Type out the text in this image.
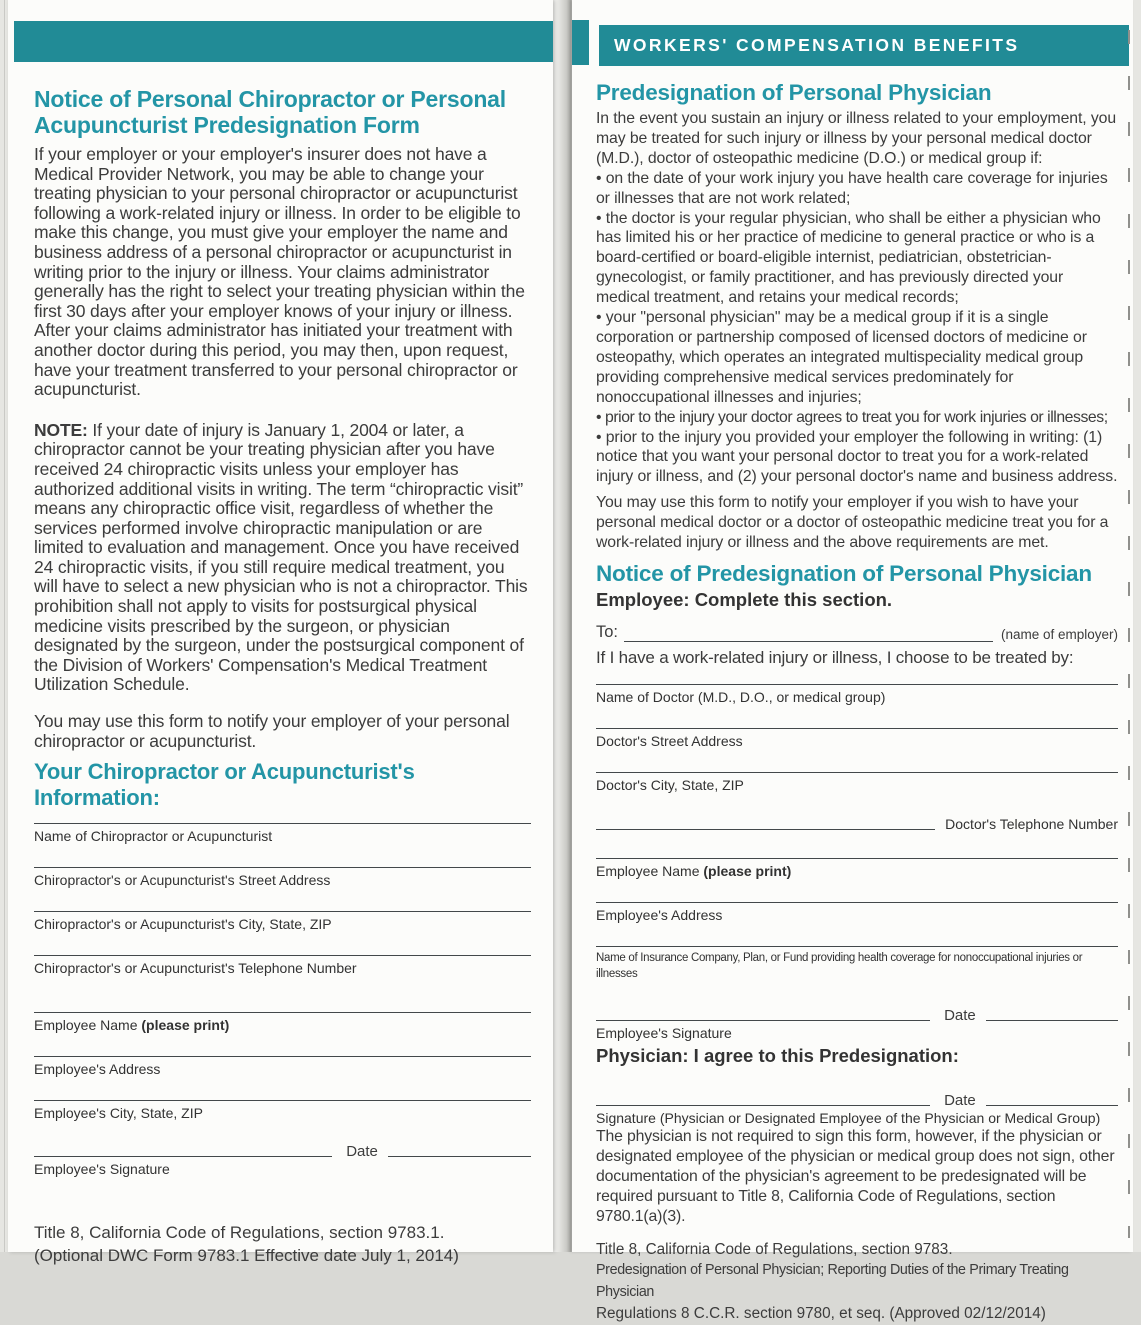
Notice of Personal Chiropractor or Personal Acupuncturist Predesignation Form

If your employer or your employer's insurer does not have a Medical Provider Network, you may be able to change your treating physician to your personal chiropractor or acupuncturist following a work-related injury or illness. In order to be eligible to make this change, you must give your employer the name and business address of a personal chiropractor or acupuncturist in writing prior to the injury or illness. Your claims administrator generally has the right to select your treating physician within the first 30 days after your employer knows of your injury or illness. After your claims administrator has initiated your treatment with another doctor during this period, you may then, upon request, have your treatment transferred to your personal chiropractor or acupuncturist.

NOTE: If your date of injury is January 1, 2004 or later, a chiropractor cannot be your treating physician after you have received 24 chiropractic visits unless your employer has authorized additional visits in writing. The term “chiropractic visit” means any chiropractic office visit, regardless of whether the services performed involve chiropractic manipulation or are limited to evaluation and management. Once you have received 24 chiropractic visits, if you still require medical treatment, you will have to select a new physician who is not a chiropractor. This prohibition shall not apply to visits for postsurgical physical medicine visits prescribed by the surgeon, or physician designated by the surgeon, under the postsurgical component of the Division of Workers' Compensation's Medical Treatment Utilization Schedule.

You may use this form to notify your employer of your personal chiropractor or acupuncturist.

Your Chiropractor or Acupuncturist's Information:
Name of Chiropractor or Acupuncturist
Chiropractor's or Acupuncturist's Street Address
Chiropractor's or Acupuncturist's City, State, ZIP
Chiropractor's or Acupuncturist's Telephone Number
Employee Name (please print)
Employee's Address
Employee's City, State, ZIP
Date
Employee's Signature
Title 8, California Code of Regulations, section 9783.1.
(Optional DWC Form 9783.1 Effective date July 1, 2014)
WORKERS' COMPENSATION BENEFITS
Predesignation of Personal Physician

In the event you sustain an injury or illness related to your employment, you may be treated for such injury or illness by your personal medical doctor (M.D.), doctor of osteopathic medicine (D.O.) or medical group if:

• on the date of your work injury you have health care coverage for injuries or illnesses that are not work related;

• the doctor is your regular physician, who shall be either a physician who has limited his or her practice of medicine to general practice or who is a board-certified or board-eligible internist, pediatrician, obstetrician-gynecologist, or family practitioner, and has previously directed your medical treatment, and retains your medical records;

• your "personal physician" may be a medical group if it is a single corporation or partnership composed of licensed doctors of medicine or osteopathy, which operates an integrated multispeciality medical group providing comprehensive medical services predominately for nonoccupational illnesses and injuries;

• prior to the injury your doctor agrees to treat you for work injuries or illnesses;

• prior to the injury you provided your employer the following in writing: (1) notice that you want your personal doctor to treat you for a work-related injury or illness, and (2) your personal doctor's name and business address.

You may use this form to notify your employer if you wish to have your personal medical doctor or a doctor of osteopathic medicine treat you for a work-related injury or illness and the above requirements are met.

Notice of Predesignation of Personal Physician

Employee: Complete this section.

To:	(name of employer)

If I have a work-related injury or illness, I choose to be treated by:

Name of Doctor (M.D., D.O., or medical group)
Doctor's Street Address
Doctor's City, State, ZIP
Doctor's Telephone Number
Employee Name (please print)
Employee's Address
Name of Insurance Company, Plan, or Fund providing health coverage for nonoccupational injuries or illnesses
Date
Employee's Signature

Physician: I agree to this Predesignation:

Date
Signature (Physician or Designated Employee of the Physician or Medical Group)

The physician is not required to sign this form, however, if the physician or designated employee of the physician or medical group does not sign, other documentation of the physician's agreement to be predesignated will be required pursuant to Title 8, California Code of Regulations, section 9780.1(a)(3).

Title 8, California Code of Regulations, section 9783.
Predesignation of Personal Physician; Reporting Duties of the Primary Treating Physician
Regulations 8 C.C.R. section 9780, et seq. (Approved 02/12/2014)
